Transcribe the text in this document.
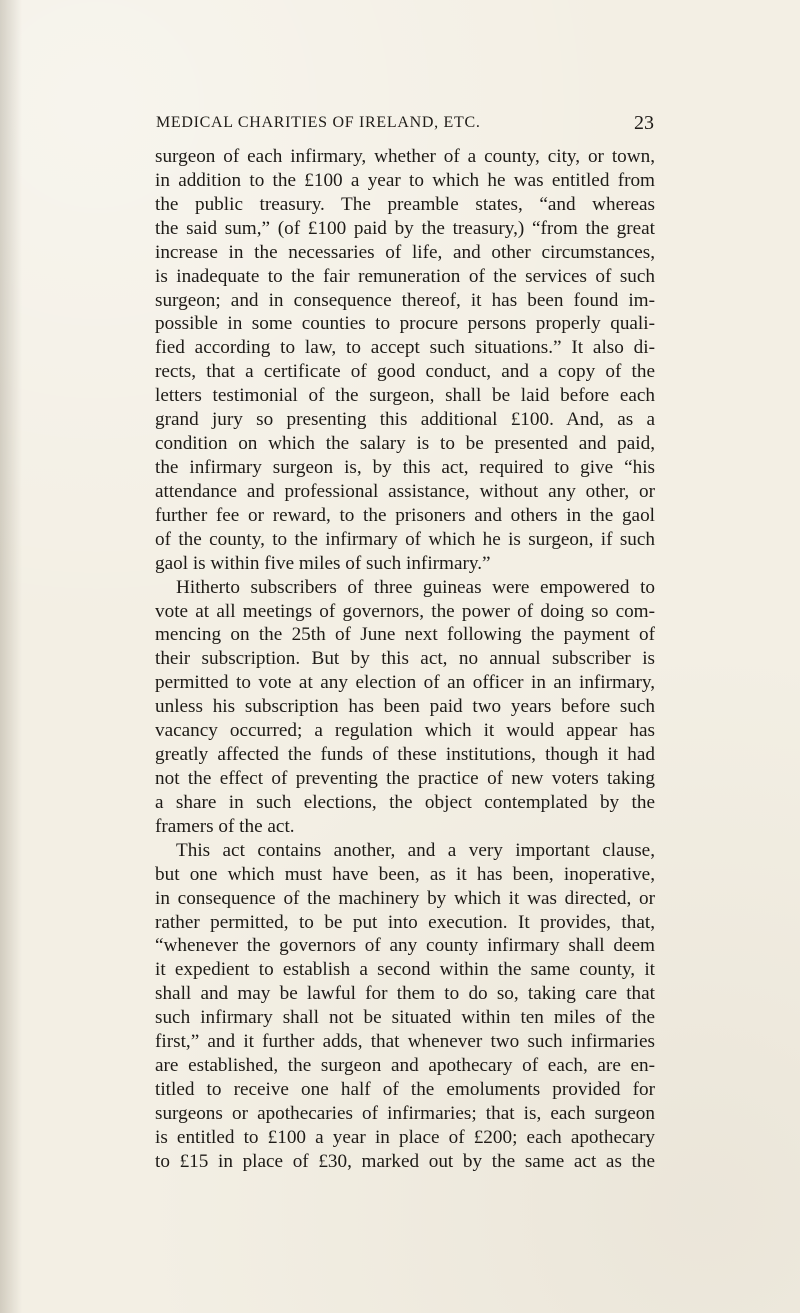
MEDICAL CHARITIES OF IRELAND, ETC.	23
surgeon of each infirmary, whether of a county, city, or town,
in addition to the £100 a year to which he was entitled from
the public treasury. The preamble states, “and whereas
the said sum,” (of £100 paid by the treasury,) “from the great
increase in the necessaries of life, and other circumstances,
is inadequate to the fair remuneration of the services of such
surgeon; and in consequence thereof, it has been found im-
possible in some counties to procure persons properly quali-
fied according to law, to accept such situations.” It also di-
rects, that a certificate of good conduct, and a copy of the
letters testimonial of the surgeon, shall be laid before each
grand jury so presenting this additional £100. And, as a
condition on which the salary is to be presented and paid,
the infirmary surgeon is, by this act, required to give “his
attendance and professional assistance, without any other, or
further fee or reward, to the prisoners and others in the gaol
of the county, to the infirmary of which he is surgeon, if such
gaol is within five miles of such infirmary.”
Hitherto subscribers of three guineas were empowered to
vote at all meetings of governors, the power of doing so com-
mencing on the 25th of June next following the payment of
their subscription. But by this act, no annual subscriber is
permitted to vote at any election of an officer in an infirmary,
unless his subscription has been paid two years before such
vacancy occurred; a regulation which it would appear has
greatly affected the funds of these institutions, though it had
not the effect of preventing the practice of new voters taking
a share in such elections, the object contemplated by the
framers of the act.
This act contains another, and a very important clause,
but one which must have been, as it has been, inoperative,
in consequence of the machinery by which it was directed, or
rather permitted, to be put into execution. It provides, that,
“whenever the governors of any county infirmary shall deem
it expedient to establish a second within the same county, it
shall and may be lawful for them to do so, taking care that
such infirmary shall not be situated within ten miles of the
first,” and it further adds, that whenever two such infirmaries
are established, the surgeon and apothecary of each, are en-
titled to receive one half of the emoluments provided for
surgeons or apothecaries of infirmaries; that is, each surgeon
is entitled to £100 a year in place of £200; each apothecary
to £15 in place of £30, marked out by the same act as the
